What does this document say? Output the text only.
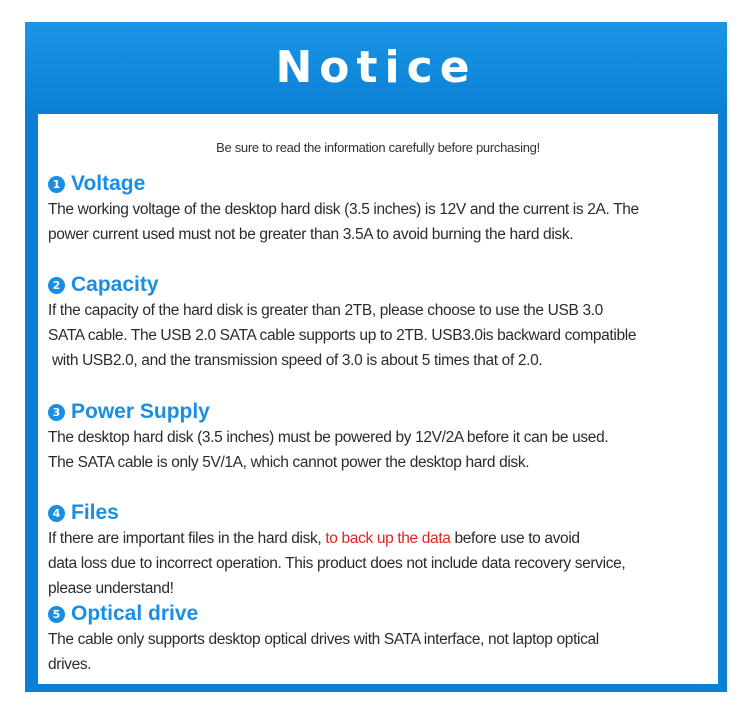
Notice
Be sure to read the information carefully before purchasing!
1 Voltage
The working voltage of the desktop hard disk (3.5 inches) is 12V and the current is 2A. The
power current used must not be greater than 3.5A to avoid burning the hard disk.
2 Capacity
If the capacity of the hard disk is greater than 2TB, please choose to use the USB 3.0
SATA cable. The USB 2.0 SATA cable supports up to 2TB. USB3.0is backward compatible
with USB2.0, and the transmission speed of 3.0 is about 5 times that of 2.0.
3 Power Supply
The desktop hard disk (3.5 inches) must be powered by 12V/2A before it can be used.
The SATA cable is only 5V/1A, which cannot power the desktop hard disk.
4 Files
If there are important files in the hard disk, to back up the data before use to avoid
data loss due to incorrect operation. This product does not include data recovery service,
please understand!
5 Optical drive
The cable only supports desktop optical drives with SATA interface, not laptop optical
drives.
